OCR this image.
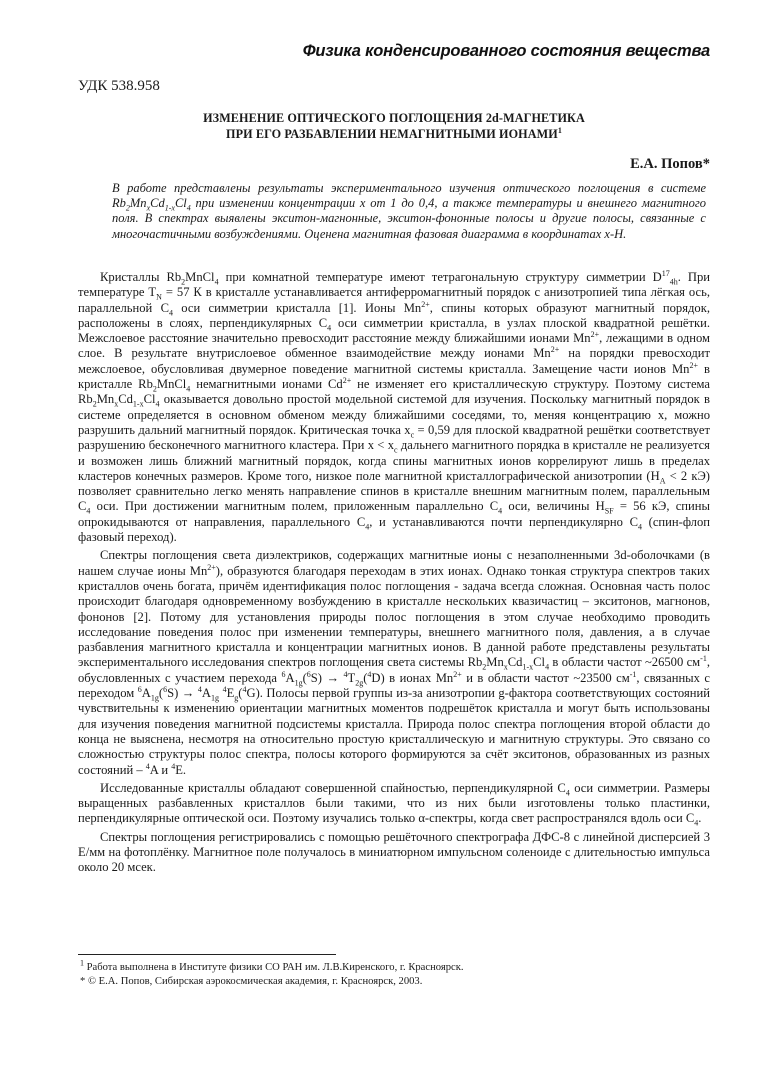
Физика конденсированного состояния вещества
УДК 538.958
ИЗМЕНЕНИЕ ОПТИЧЕСКОГО ПОГЛОЩЕНИЯ 2d-МАГНЕТИКА
ПРИ ЕГО РАЗБАВЛЕНИИ НЕМАГНИТНЫМИ ИОНАМИ$^1$
Е.А. Попов*
В работе представлены результаты экспериментального изучения оптического поглощения в системе $Rb_2Mn_xCd_{1-x}Cl_4$ при изменении концентрации x от 1 до 0,4, а также температуры и внешнего магнитного поля. В спектрах выявлены экситон-магнонные, экситон-фононные полосы и другие полосы, связанные с многочастичными возбуждениями. Оценена магнитная фазовая диаграмма в координатах x-H.

Кристаллы $Rb_2MnCl_4$ при комнатной температуре имеют тетрагональную структуру симметрии $D^{17}_{4h}$. При температуре $T_N = 57$ К в кристалле устанавливается антиферромагнитный порядок с анизотропией типа лёгкая ось, параллельной $C_4$ оси симметрии кристалла [1]. Ионы $Mn^{2+}$, спины которых образуют магнитный порядок, расположены в слоях, перпендикулярных $C_4$ оси симметрии кристалла, в узлах плоской квадратной решётки. Межслоевое расстояние значительно превосходит расстояние между ближайшими ионами $Mn^{2+}$, лежащими в одном слое. В результате внутрислоевое обменное взаимодействие между ионами $Mn^{2+}$ на порядки превосходит межслоевое, обусловливая двумерное поведение магнитной системы кристалла. Замещение части ионов $Mn^{2+}$ в кристалле $Rb_2MnCl_4$ немагнитными ионами $Cd^{2+}$ не изменяет его кристаллическую структуру. Поэтому система $Rb_2Mn_xCd_{1-x}Cl_4$ оказывается довольно простой модельной системой для изучения. Поскольку магнитный порядок в системе определяется в основном обменом между ближайшими соседями, то, меняя концентрацию x, можно разрушить дальний магнитный порядок. Критическая точка $x_c = 0,59$ для плоской квадратной решётки соответствует разрушению бесконечного магнитного кластера. При $x < x_c$ дальнего магнитного порядка в кристалле не реализуется и возможен лишь ближний магнитный порядок, когда спины магнитных ионов коррелируют лишь в пределах кластеров конечных размеров. Кроме того, низкое поле магнитной кристаллографической анизотропии ($H_A < 2$ кЭ) позволяет сравнительно легко менять направление спинов в кристалле внешним магнитным полем, параллельным $C_4$ оси. При достижении магнитным полем, приложенным параллельно $C_4$ оси, величины $H_{SF} = 56$ кЭ, спины опрокидываются от направления, параллельного $C_4$, и устанавливаются почти перпендикулярно $C_4$ (спин-флоп фазовый переход).

Спектры поглощения света диэлектриков, содержащих магнитные ионы с незаполненными 3d-оболочками (в нашем случае ионы $Mn^{2+}$), образуются благодаря переходам в этих ионах. Однако тонкая структура спектров таких кристаллов очень богата, причём идентификация полос поглощения - задача всегда сложная. Основная часть полос происходит благодаря одновременному возбуждению в кристалле нескольких квазичастиц – экситонов, магнонов, фононов [2]. Потому для установления природы полос поглощения в этом случае необходимо проводить исследование поведения полос при изменении температуры, внешнего магнитного поля, давления, а в случае разбавления магнитного кристалла и концентрации магнитных ионов. В данной работе представлены результаты экспериментального исследования спектров поглощения света системы $Rb_2Mn_xCd_{1-x}Cl_4$ в области частот ~26500 $см^{-1}$, обусловленных с участием перехода $^6A_{1g}(^6S) \to ^4T_{2g}(^4D)$ в ионах $Mn^{2+}$ и в области частот ~23500 $см^{-1}$, связанных с переходом $^6A_{1g}(^6S) \to ^4A_{1g}$ $^4E_g(^4G)$. Полосы первой группы из-за анизотропии g-фактора соответствующих состояний чувствительны к изменению ориентации магнитных моментов подрешёток кристалла и могут быть использованы для изучения поведения магнитной подсистемы кристалла. Природа полос спектра поглощения второй области до конца не выяснена, несмотря на относительно простую кристаллическую и магнитную структуры. Это связано со сложностью структуры полос спектра, полосы которого формируются за счёт экситонов, образованных из разных состояний – $^4$A и $^4$E.

Исследованные кристаллы обладают совершенной спайностью, перпендикулярной $C_4$ оси симметрии. Размеры выращенных разбавленных кристаллов были такими, что из них были изготовлены только пластинки, перпендикулярные оптической оси. Поэтому изучались только α-спектры, когда свет распространялся вдоль оси $C_4$.

Спектры поглощения регистрировались с помощью решёточного спектрографа ДФС-8 с линейной дисперсией 3 Е/мм на фотоплёнку. Магнитное поле получалось в миниатюрном импульсном соленоиде с длительностью импульса около 20 мсек.

$^1$ Работа выполнена в Институте физики СО РАН им. Л.В.Киренского, г. Красноярск.
* © Е.А. Попов, Сибирская аэрокосмическая академия, г. Красноярск, 2003.
